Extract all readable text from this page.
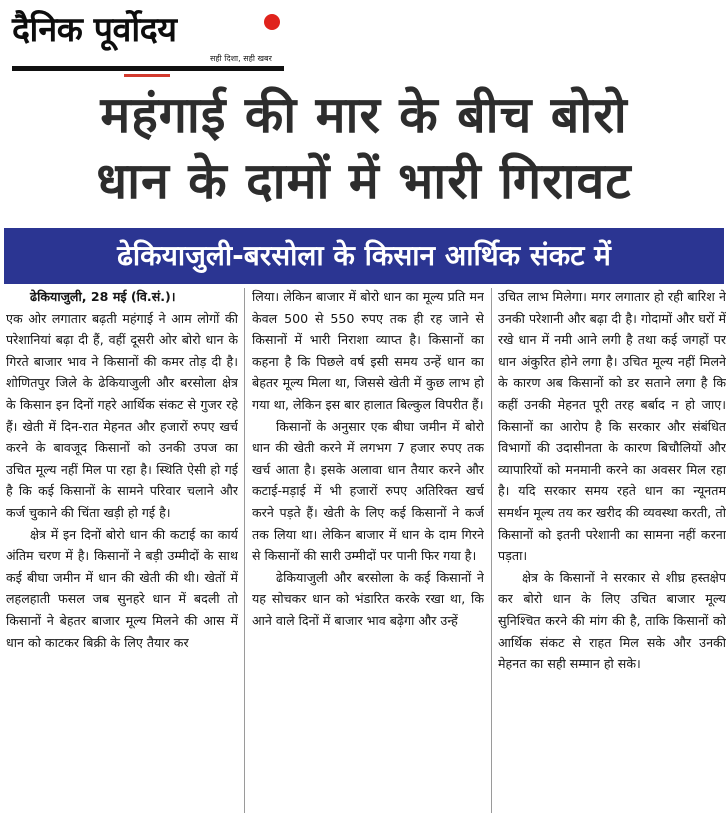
दैनिक पूर्वोदय
सही दिशा, सही खबर
महंगाई की मार के बीच बोरो
धान के दामों में भारी गिरावट
ढेकियाजुली-बरसोला के किसान आर्थिक संकट में

ढेकियाजुली, 28 मई (वि.सं.)।

एक ओर लगातार बढ़ती महंगाई ने आम लोगों की परेशानियां बढ़ा दी हैं, वहीं दूसरी ओर बोरो धान के गिरते बाजार भाव ने किसानों की कमर तोड़ दी है। शोणितपुर जिले के ढेकियाजुली और बरसोला क्षेत्र के किसान इन दिनों गहरे आर्थिक संकट से गुजर रहे हैं। खेती में दिन-रात मेहनत और हजारों रुपए खर्च करने के बावजूद किसानों को उनकी उपज का उचित मूल्य नहीं मिल पा रहा है। स्थिति ऐसी हो गई है कि कई किसानों के सामने परिवार चलाने और कर्ज चुकाने की चिंता खड़ी हो गई है।

क्षेत्र में इन दिनों बोरो धान की कटाई का कार्य अंतिम चरण में है। किसानों ने बड़ी उम्मीदों के साथ कई बीघा जमीन में धान की खेती की थी। खेतों में लहलहाती फसल जब सुनहरे धान में बदली तो किसानों ने बेहतर बाजार मूल्य मिलने की आस में धान को काटकर बिक्री के लिए तैयार कर

लिया। लेकिन बाजार में बोरो धान का मूल्य प्रति मन केवल 500 से 550 रुपए तक ही रह जाने से किसानों में भारी निराशा व्याप्त है। किसानों का कहना है कि पिछले वर्ष इसी समय उन्हें धान का बेहतर मूल्य मिला था, जिससे खेती में कुछ लाभ हो गया था, लेकिन इस बार हालात बिल्कुल विपरीत हैं।

किसानों के अनुसार एक बीघा जमीन में बोरो धान की खेती करने में लगभग 7 हजार रुपए तक खर्च आता है। इसके अलावा धान तैयार करने और कटाई-मड़ाई में भी हजारों रुपए अतिरिक्त खर्च करने पड़ते हैं। खेती के लिए कई किसानों ने कर्ज तक लिया था। लेकिन बाजार में धान के दाम गिरने से किसानों की सारी उम्मीदों पर पानी फिर गया है।

ढेकियाजुली और बरसोला के कई किसानों ने यह सोचकर धान को भंडारित करके रखा था, कि आने वाले दिनों में बाजार भाव बढ़ेगा और उन्हें

उचित लाभ मिलेगा। मगर लगातार हो रही बारिश ने उनकी परेशानी और बढ़ा दी है। गोदामों और घरों में रखे धान में नमी आने लगी है तथा कई जगहों पर धान अंकुरित होने लगा है। उचित मूल्य नहीं मिलने के कारण अब किसानों को डर सताने लगा है कि कहीं उनकी मेहनत पूरी तरह बर्बाद न हो जाए। किसानों का आरोप है कि सरकार और संबंधित विभागों की उदासीनता के कारण बिचौलियों और व्यापारियों को मनमानी करने का अवसर मिल रहा है। यदि सरकार समय रहते धान का न्यूनतम समर्थन मूल्य तय कर खरीद की व्यवस्था करती, तो किसानों को इतनी परेशानी का सामना नहीं करना पड़ता।

क्षेत्र के किसानों ने सरकार से शीघ्र हस्तक्षेप कर बोरो धान के लिए उचित बाजार मूल्य सुनिश्चित करने की मांग की है, ताकि किसानों को आर्थिक संकट से राहत मिल सके और उनकी मेहनत का सही सम्मान हो सके।
